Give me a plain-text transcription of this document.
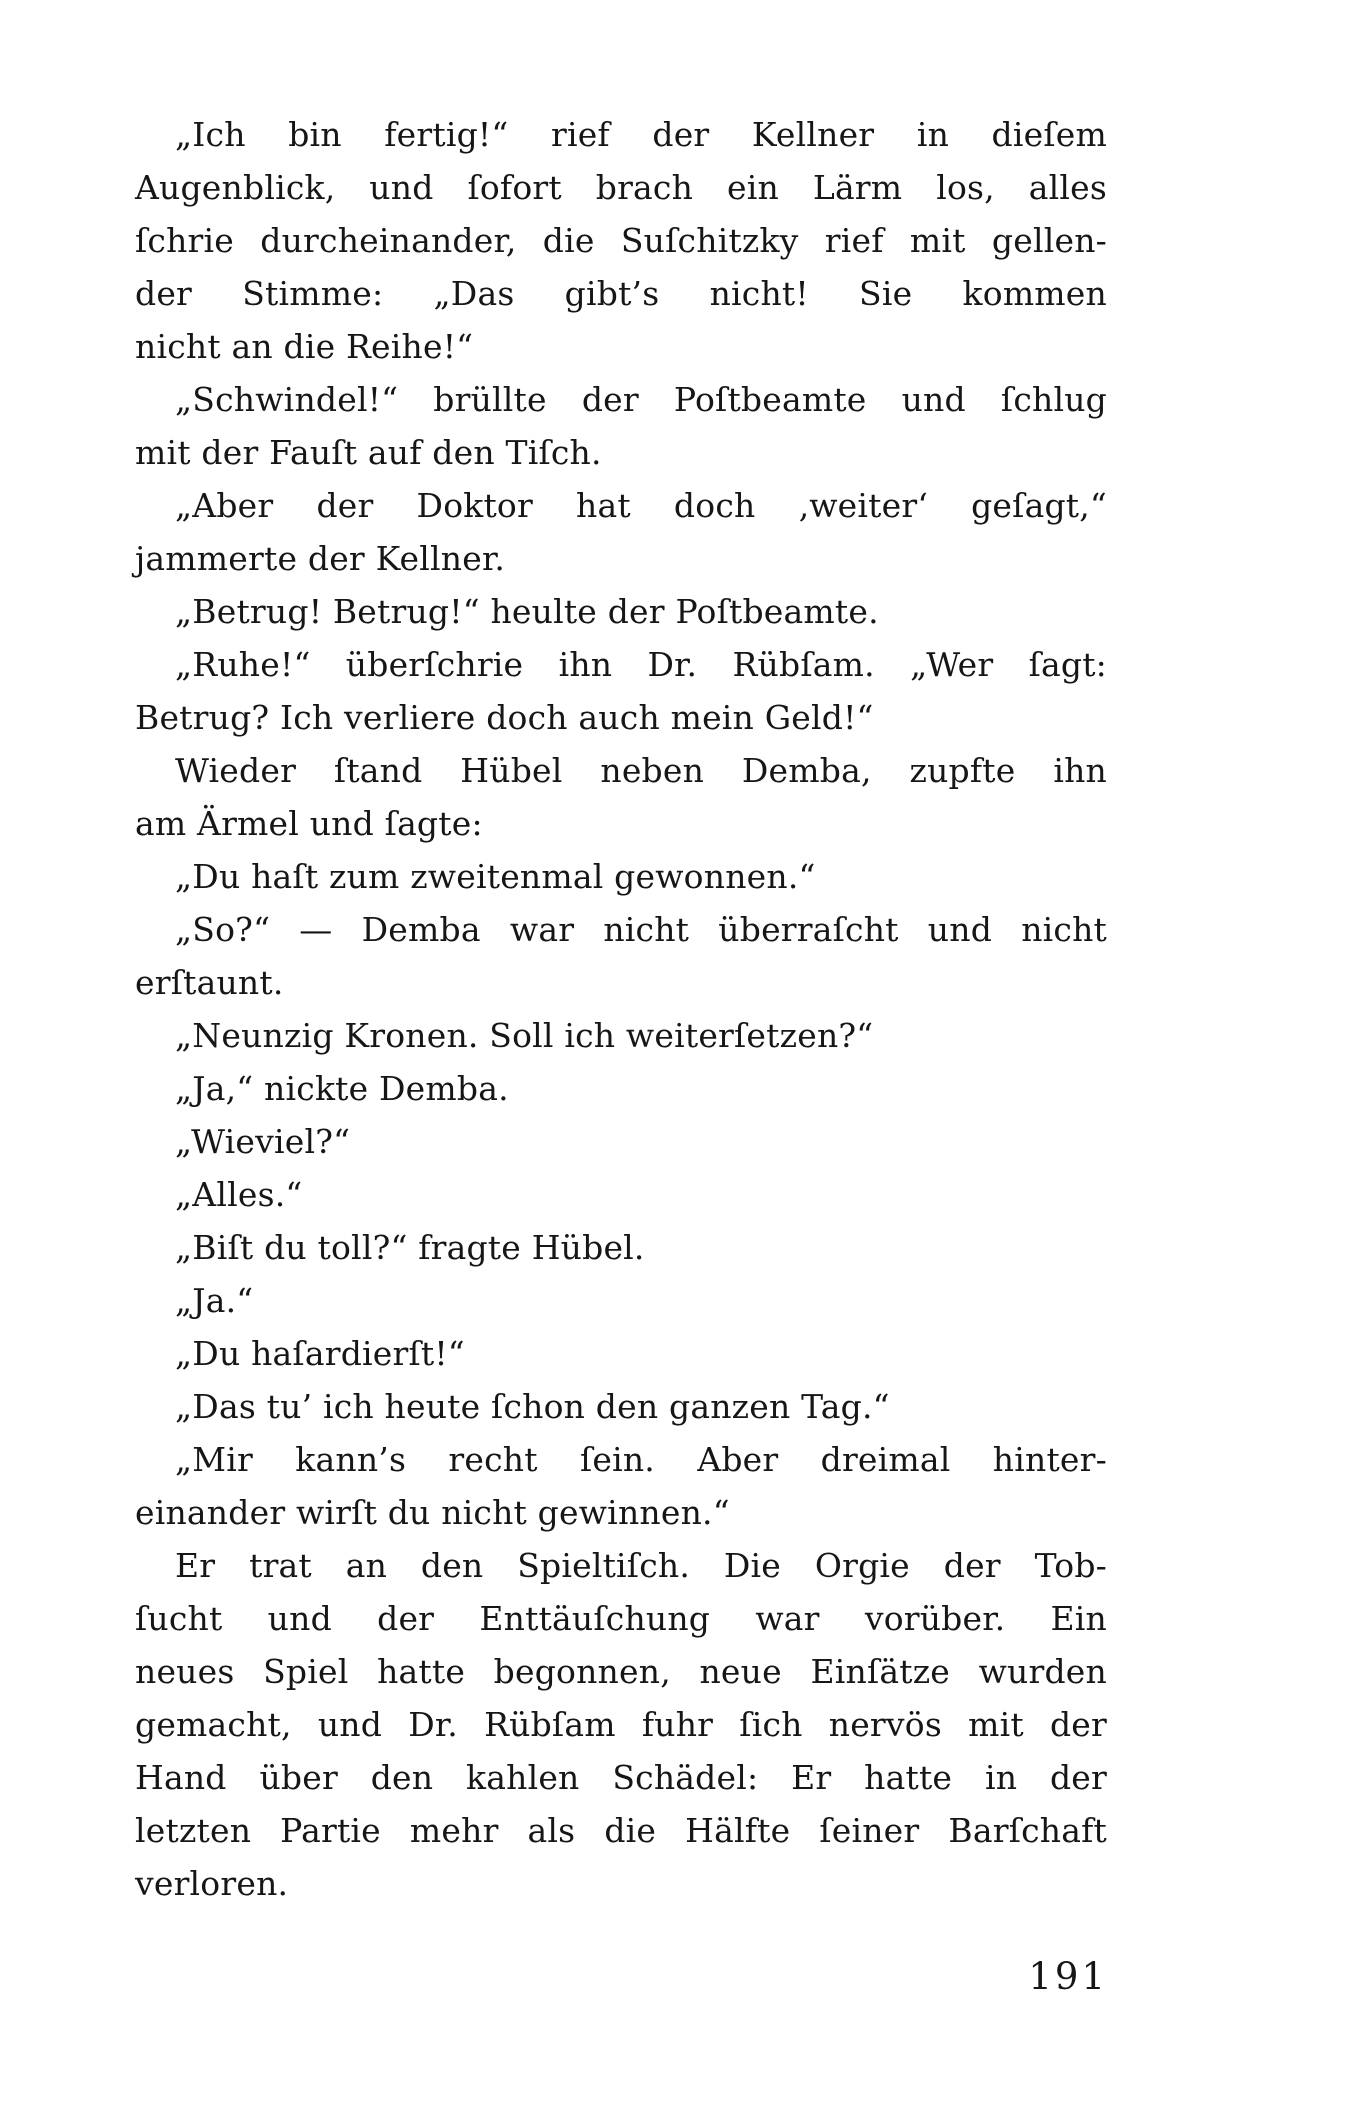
„Ich bin fertig!“ rief der Kellner in dieſem
Augenblick, und ſofort brach ein Lärm los, alles
ſchrie durcheinander, die Suſchitzky rief mit gellen-
der Stimme: „Das gibt’s nicht! Sie kommen
nicht an die Reihe!“
„Schwindel!“ brüllte der Poſtbeamte und ſchlug
mit der Fauſt auf den Tiſch.
„Aber der Doktor hat doch ‚weiter‘ geſagt,“
jammerte der Kellner.
„Betrug! Betrug!“ heulte der Poſtbeamte.
„Ruhe!“ überſchrie ihn Dr. Rübſam. „Wer ſagt:
Betrug? Ich verliere doch auch mein Geld!“
Wieder ſtand Hübel neben Demba, zupfte ihn
am Ärmel und ſagte:
„Du haſt zum zweitenmal gewonnen.“
„So?“ — Demba war nicht überraſcht und nicht
erſtaunt.
„Neunzig Kronen. Soll ich weiterſetzen?“
„Ja,“ nickte Demba.
„Wieviel?“
„Alles.“
„Biſt du toll?“ fragte Hübel.
„Ja.“
„Du haſardierſt!“
„Das tu’ ich heute ſchon den ganzen Tag.“
„Mir kann’s recht ſein. Aber dreimal hinter-
einander wirſt du nicht gewinnen.“
Er trat an den Spieltiſch. Die Orgie der Tob-
ſucht und der Enttäuſchung war vorüber. Ein
neues Spiel hatte begonnen, neue Einſätze wurden
gemacht, und Dr. Rübſam fuhr ſich nervös mit der
Hand über den kahlen Schädel: Er hatte in der
letzten Partie mehr als die Hälfte ſeiner Barſchaft
verloren.
191
